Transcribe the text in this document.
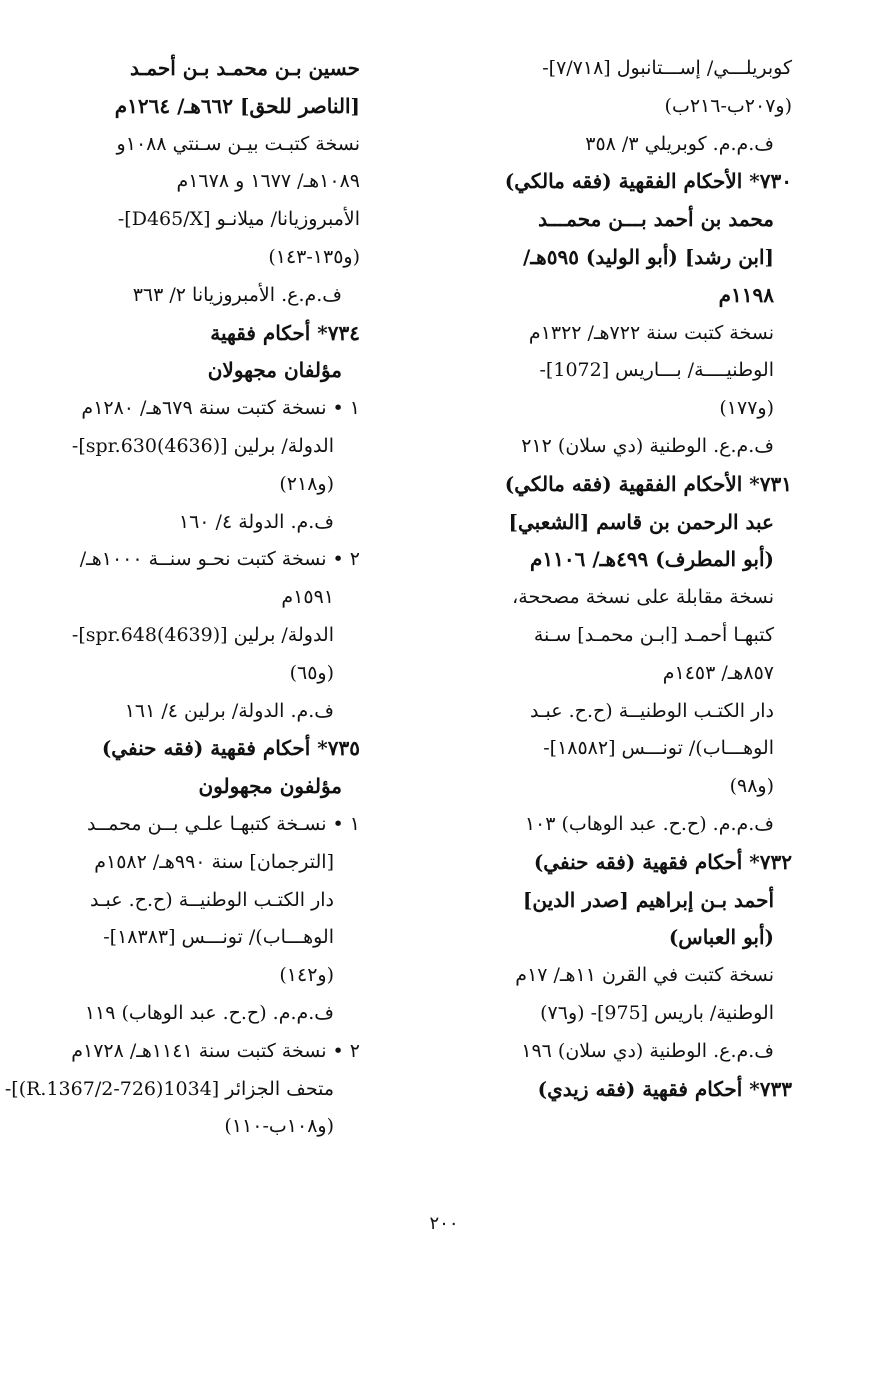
كوبريلـــي/ إســـتانبول [٧/٧١٨]-
(و٢٠٧ب-٢١٦ب)
ف.م.م. كوبريلي ٣/ ٣٥٨
٧٣٠* الأحكام الفقهية (فقه مالكي)
محمد بن أحمد بـــن محمـــد
[ابن رشد] (أبو الوليد) ٥٩٥هـ/
١١٩٨م
نسخة كتبت سنة ٧٢٢هـ/ ١٣٢٢م
الوطنيــــة/ بـــاريس [1072]-
(و١٧٧)
ف.م.ع. الوطنية (دي سلان) ٢١٢
٧٣١* الأحكام الفقهية (فقه مالكي)
عبد الرحمن بن قاسم [الشعبي]
(أبو المطرف) ٤٩٩هـ/ ١١٠٦م
نسخة مقابلة على نسخة مصححة،
كتبهـا أحمـد [ابـن محمـد] سـنة
٨٥٧هـ/ ١٤٥٣م
دار الكتـب الوطنيــة (ح.ح. عبـد
الوهـــاب)/ تونـــس [١٨٥٨٢]-
(و٩٨)
ف.م.م. (ح.ح. عبد الوهاب) ١٠٣
٧٣٢* أحكام فقهية (فقه حنفي)
أحمد بـن إبراهيم [صدر الدين]
(أبو العباس)
نسخة كتبت في القرن ١١هـ/ ١٧م
الوطنية/ باريس [975]- (و٧٦)
ف.م.ع. الوطنية (دي سلان) ١٩٦
٧٣٣* أحكام فقهية (فقه زيدي)
حسين بـن محمـد بـن أحمـد
[الناصر للحق] ٦٦٢هـ/ ١٢٦٤م
نسخة كتبـت بيـن سـنتي ١٠٨٨و
١٠٨٩هـ/ ١٦٧٧ و ١٦٧٨م
الأمبروزيانا/ ميلانـو [D465/X]-
(و١٣٥-١٤٣)
ف.م.ع. الأمبروزيانا ٢/ ٣٦٣
٧٣٤* أحكام فقهية
مؤلفان مجهولان
١ • نسخة كتبت سنة ٦٧٩هـ/ ١٢٨٠م
الدولة/ برلين [spr.630(4636)]-
(و٢١٨)
ف.م. الدولة ٤/ ١٦٠
٢ • نسخة كتبت نحـو سنــة ١٠٠٠هـ/
١٥٩١م
الدولة/ برلين [spr.648(4639)]-
(و٦٥)
ف.م. الدولة/ برلين ٤/ ١٦١
٧٣٥* أحكام فقهية (فقه حنفي)
مؤلفون مجهولون
١ • نسـخة كتبهـا علـي بــن محمــد
[الترجمان] سنة ٩٩٠هـ/ ١٥٨٢م
دار الكتـب الوطنيــة (ح.ح. عبـد
الوهـــاب)/ تونـــس [١٨٣٨٣]-
(و١٤٢)
ف.م.م. (ح.ح. عبد الوهاب) ١١٩
٢ • نسخة كتبت سنة ١١٤١هـ/ ١٧٢٨م
متحف الجزائر [1034(726-R.1367/2)]-
(و١٠٨ب-١١٠)
٢٠٠
